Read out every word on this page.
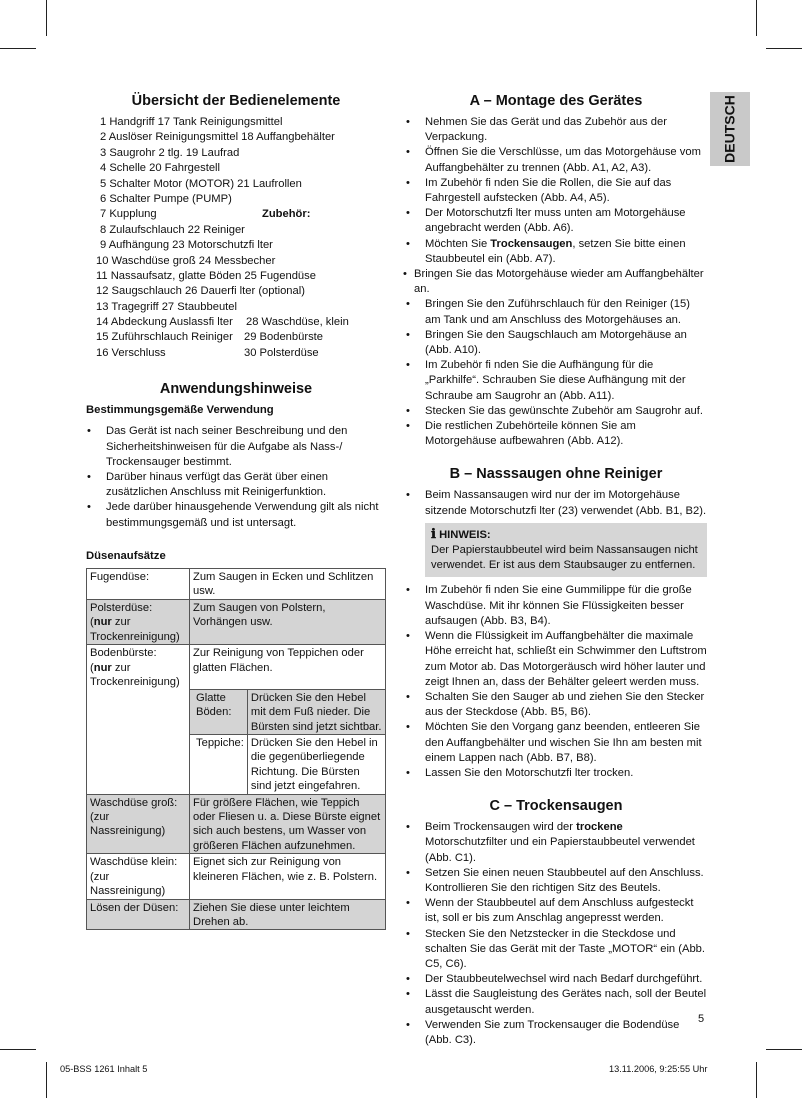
Übersicht der Bedienelemente
1 Handgriff 17 Tank Reinigungsmittel
2 Auslöser Reinigungsmittel 18 Auffangbehälter
3 Saugrohr 2 tlg. 19 Laufrad
4 Schelle 20 Fahrgestell
5 Schalter Motor (MOTOR) 21 Laufrollen
6 Schalter Pumpe (PUMP)
7 Kupplung	Zubehör:
8 Zulaufschlauch 22 Reiniger
9 Aufhängung 23 Motorschutzfi lter
10 Waschdüse groß 24 Messbecher
11 Nassaufsatz, glatte Böden 25 Fugendüse
12 Saugschlauch 26 Dauerfi lter (optional)
13 Tragegriff 27 Staubbeutel
14 Abdeckung Auslassfi lter 28 Waschdüse, klein
15 Zuführschlauch Reiniger 29 Bodenbürste
16 Verschluss	30 Polsterdüse
Anwendungshinweise
Bestimmungsgemäße Verwendung
• Das Gerät ist nach seiner Beschreibung und den Sicherheitshinweisen für die Aufgabe als Nass-/ Trockensauger bestimmt.
• Darüber hinaus verfügt das Gerät über einen zusätzlichen Anschluss mit Reinigerfunktion.
• Jede darüber hinausgehende Verwendung gilt als nicht bestimmungsgemäß und ist untersagt.
Düsenaufsätze
Fugendüse:	Zum Saugen in Ecken und Schlitzen usw.	
Polsterdüse:
(nur zur
Trockenreinigung)	Zum Saugen von Polstern, Vorhängen usw.	
Bodenbürste:
(nur zur
Trockenreinigung)	Zur Reinigung von Teppichen oder glatten Flächen.	

	Glatte Böden:	Drücken Sie den Hebel mit dem Fuß nieder. Die Bürsten sind jetzt sichtbar.
	Teppiche:	Drücken Sie den Hebel in die gegenüberliegende Richtung. Die Bürsten sind jetzt eingefahren.
Waschdüse groß: (zur Nassreinigung)	Für größere Flächen, wie Teppich oder Fliesen u. a. Diese Bürste eignet sich auch bestens, um Wasser von größeren Flächen aufzunehmen.	
Waschdüse klein: (zur Nassreinigung)	Eignet sich zur Reinigung von kleineren Flächen, wie z. B. Polstern.	
Lösen der Düsen:	Ziehen Sie diese unter leichtem Drehen ab.	
A – Montage des Gerätes
• Nehmen Sie das Gerät und das Zubehör aus der Verpackung.
• Öffnen Sie die Verschlüsse, um das Motorgehäuse vom Auffangbehälter zu trennen (Abb. A1, A2, A3).
• Im Zubehör fi nden Sie die Rollen, die Sie auf das Fahrgestell aufstecken (Abb. A4, A5).
• Der Motorschutzfi lter muss unten am Motorgehäuse angebracht werden (Abb. A6).
• Möchten Sie Trockensaugen, setzen Sie bitte einen Staubbeutel ein (Abb. A7).
• Bringen Sie das Motorgehäuse wieder am Auffangbehälter an.
• Bringen Sie den Zuführschlauch für den Reiniger (15) am Tank und am Anschluss des Motorgehäuses an.
• Bringen Sie den Saugschlauch am Motorgehäuse an (Abb. A10).
• Im Zubehör fi nden Sie die Aufhängung für die „Parkhilfe“. Schrauben Sie diese Aufhängung mit der Schraube am Saugrohr an (Abb. A11).
• Stecken Sie das gewünschte Zubehör am Saugrohr auf.
• Die restlichen Zubehörteile können Sie am Motorgehäuse aufbewahren (Abb. A12).
B – Nasssaugen ohne Reiniger
• Beim Nassansaugen wird nur der im Motorgehäuse sitzende Motorschutzfi lter (23) verwendet (Abb. B1, B2).
ℹ HINWEIS:
Der Papierstaubbeutel wird beim Nassansaugen nicht verwendet. Er ist aus dem Staubsauger zu entfernen.
• Im Zubehör fi nden Sie eine Gummilippe für die große Waschdüse. Mit ihr können Sie Flüssigkeiten besser aufsaugen (Abb. B3, B4).
• Wenn die Flüssigkeit im Auffangbehälter die maximale Höhe erreicht hat, schließt ein Schwimmer den Luftstrom zum Motor ab. Das Motorgeräusch wird höher lauter und zeigt Ihnen an, dass der Behälter geleert werden muss.
• Schalten Sie den Sauger ab und ziehen Sie den Stecker aus der Steckdose (Abb. B5, B6).
• Möchten Sie den Vorgang ganz beenden, entleeren Sie den Auffangbehälter und wischen Sie Ihn am besten mit einem Lappen nach (Abb. B7, B8).
• Lassen Sie den Motorschutzfi lter trocken.
C – Trockensaugen
• Beim Trockensaugen wird der trockene Motorschutzfilter und ein Papierstaubbeutel verwendet (Abb. C1).
• Setzen Sie einen neuen Staubbeutel auf den Anschluss. Kontrollieren Sie den richtigen Sitz des Beutels.
• Wenn der Staubbeutel auf dem Anschluss aufgesteckt ist, soll er bis zum Anschlag angepresst werden.
• Stecken Sie den Netzstecker in die Steckdose und schalten Sie das Gerät mit der Taste „MOTOR“ ein (Abb. C5, C6).
• Der Staubbeutelwechsel wird nach Bedarf durchgeführt.
• Lässt die Saugleistung des Gerätes nach, soll der Beutel ausgetauscht werden.
• Verwenden Sie zum Trockensauger die Bodendüse (Abb. C3).
DEUTSCH
5
05-BSS 1261 Inhalt 5	13.11.2006, 9:25:55 Uhr
